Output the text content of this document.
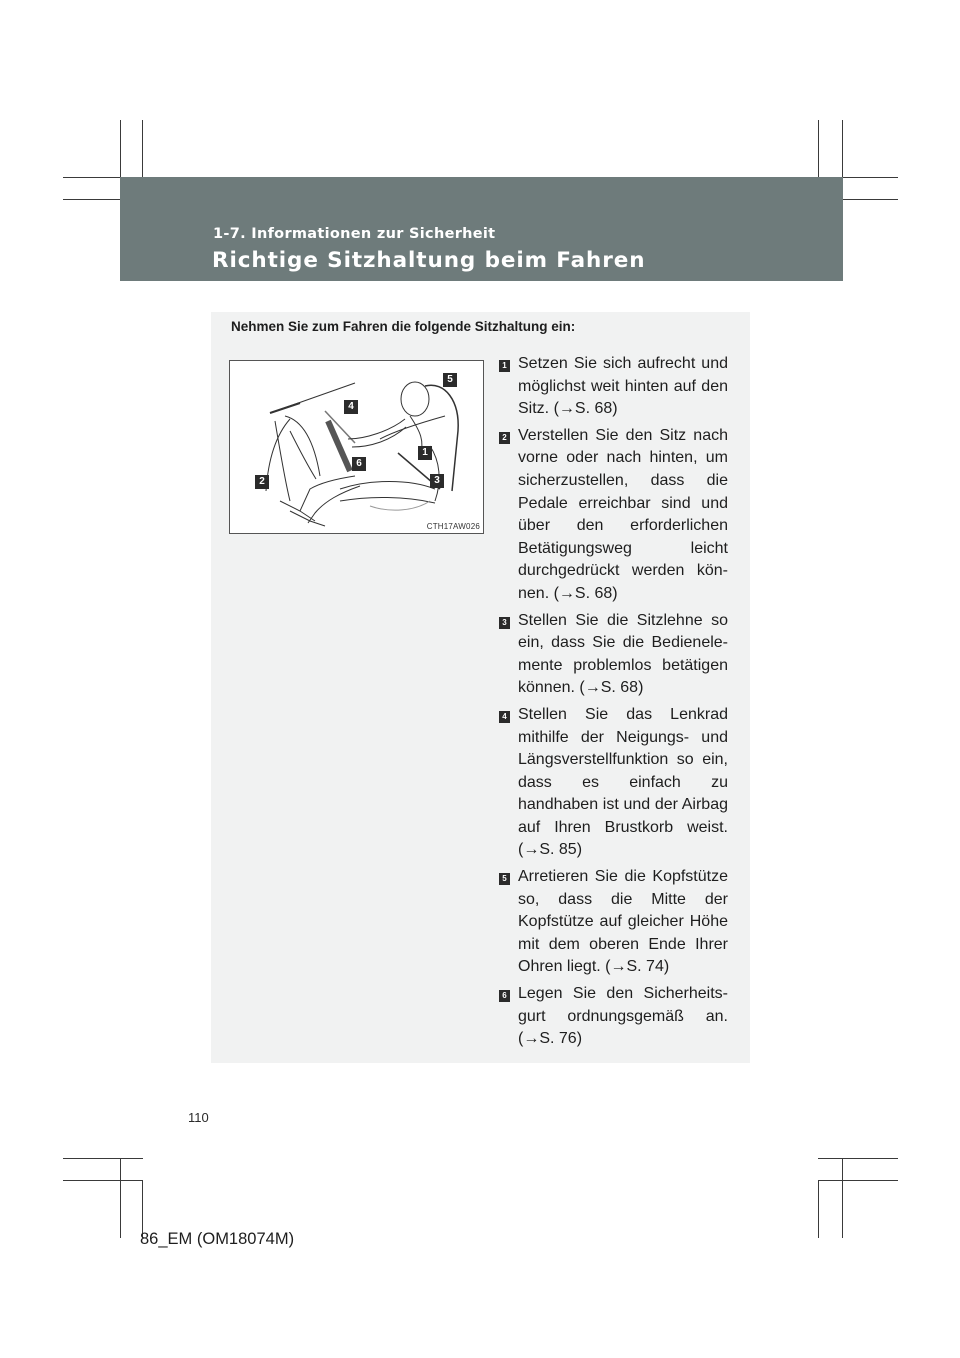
1-7. Informationen zur Sicherheit
Richtige Sitzhaltung beim Fahren
Nehmen Sie zum Fahren die folgende Sitzhaltung ein:
1
2	3
4
5
6
CTH17AW026
1 Setzen Sie sich aufrecht und möglichst weit hinten auf den Sitz. (→S. 68)
2 Verstellen Sie den Sitz nach vorne oder nach hinten, um sicherzustellen, dass die Pedale erreichbar sind und über den erforderlichen Betätigungsweg leicht durchgedrückt werden können. (→S. 68)
3 Stellen Sie die Sitzlehne so ein, dass Sie die Bedienelemente problemlos betätigen können. (→S. 68)
4 Stellen Sie das Lenkrad mithilfe der Neigungs- und Längsverstellfunktion so ein, dass es einfach zu handhaben ist und der Airbag auf Ihren Brustkorb weist. (→S. 85)
5 Arretieren Sie die Kopfstütze so, dass die Mitte der Kopfstütze auf gleicher Höhe mit dem oberen Ende Ihrer Ohren liegt. (→S. 74)
6 Legen Sie den Sicherheitsgurt ordnungsgemäß an. (→S. 76)
110
86_EM (OM18074M)
